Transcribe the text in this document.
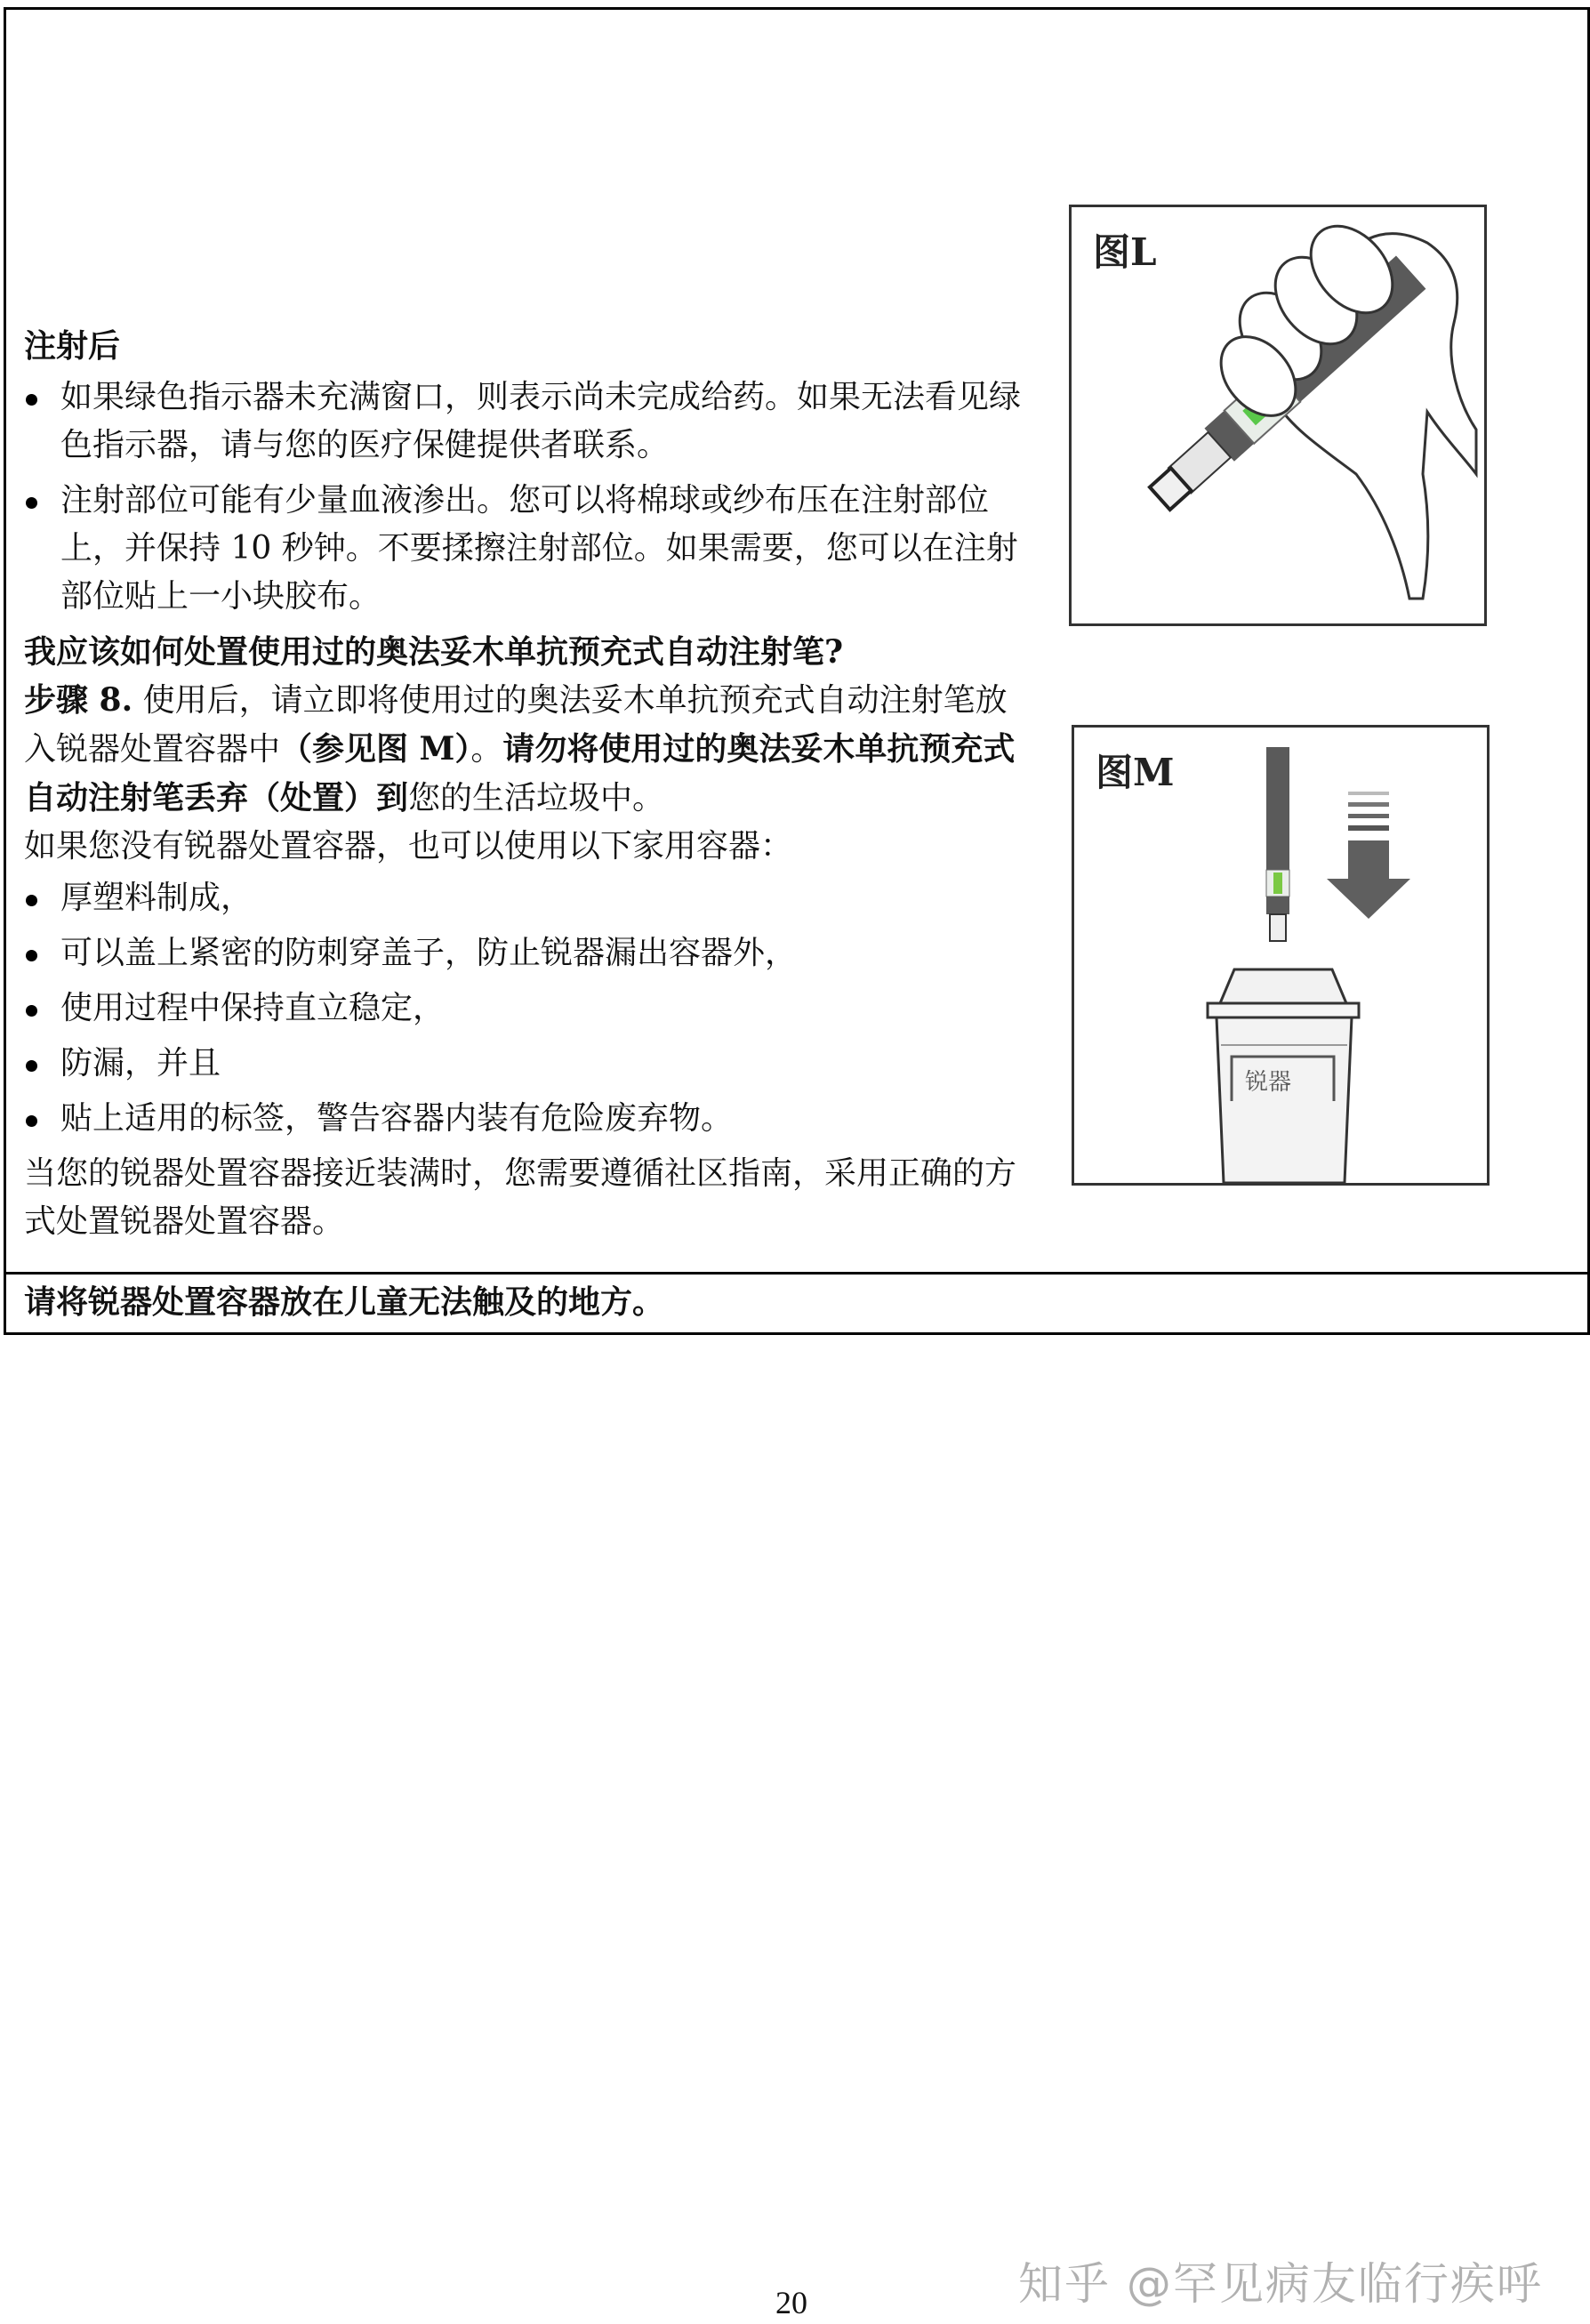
注射后
如果绿色指示器未充满窗口，则表示尚未完成给药。如果无法看见绿色指示器，请与您的医疗保健提供者联系。
注射部位可能有少量血液渗出。您可以将棉球或纱布压在注射部位上，并保持 10 秒钟。不要揉擦注射部位。如果需要，您可以在注射部位贴上一小块胶布。
我应该如何处置使用过的奥法妥木单抗预充式自动注射笔?

步骤 8. 使用后，请立即将使用过的奥法妥木单抗预充式自动注射笔放入锐器处置容器中（参见图 M）。请勿将使用过的奥法妥木单抗预充式自动注射笔丢弃（处置）到您的生活垃圾中。

如果您没有锐器处置容器，也可以使用以下家用容器：

厚塑料制成，
可以盖上紧密的防刺穿盖子，防止锐器漏出容器外，
使用过程中保持直立稳定，
防漏，并且
贴上适用的标签，警告容器内装有危险废弃物。

当您的锐器处置容器接近装满时，您需要遵循社区指南，采用正确的方式处置锐器处置容器。

请将锐器处置容器放在儿童无法触及的地方。
图L
图M
锐器
20	知乎 @罕见病友临行疾呼
